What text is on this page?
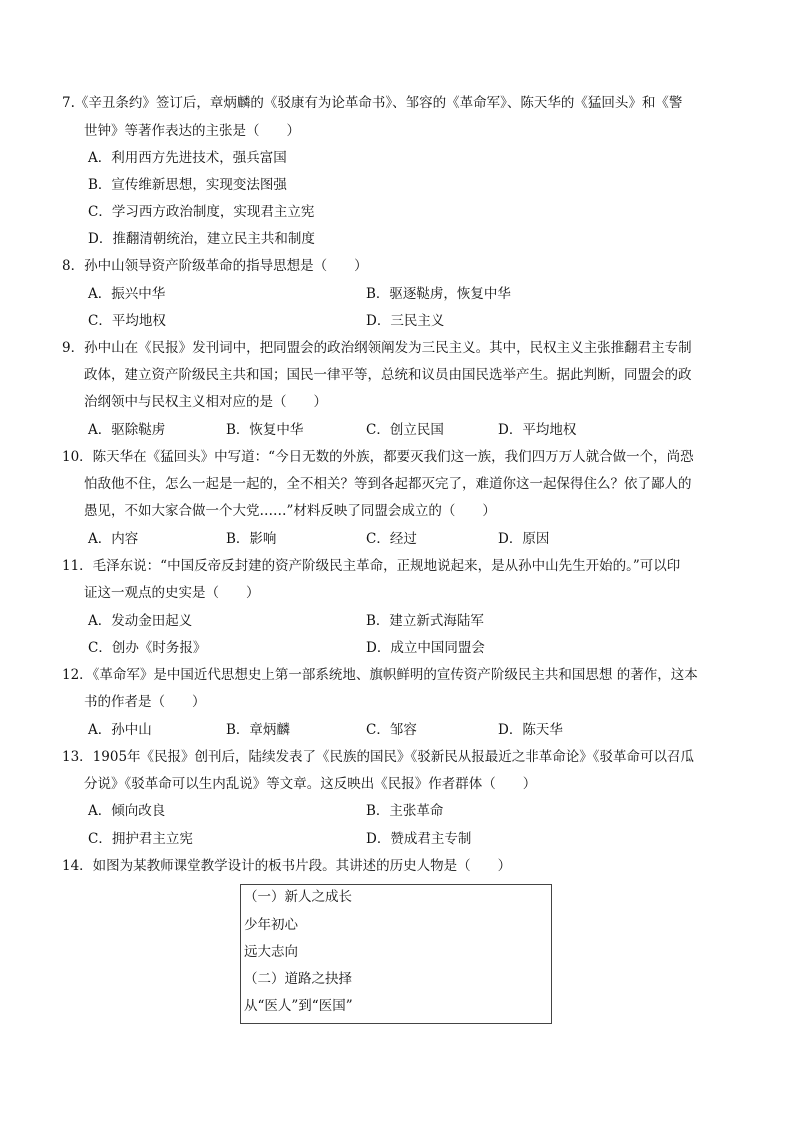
7.《辛丑条约》签订后，章炳麟的《驳康有为论革命书》、邹容的《革命军》、陈天华的《猛回头》和《警
世钟》等著作表达的主张是（　　）
A．利用西方先进技术，强兵富国
B．宣传维新思想，实现变法图强
C．学习西方政治制度，实现君主立宪
D．推翻清朝统治，建立民主共和制度
8．孙中山领导资产阶级革命的指导思想是（　　）
A．振兴中华	B．驱逐鞑虏，恢复中华
C．平均地权	D．三民主义
9．孙中山在《民报》发刊词中，把同盟会的政治纲领阐发为三民主义。其中，民权主义主张推翻君主专制
政体，建立资产阶级民主共和国；国民一律平等，总统和议员由国民选举产生。据此判断，同盟会的政
治纲领中与民权主义相对应的是（　　）
A．驱除鞑虏	B．恢复中华	C．创立民国	D．平均地权
10．陈天华在《猛回头》中写道：“今日无数的外族，都要灭我们这一族，我们四万万人就合做一个，尚恐
怕敌他不住，怎么一起是一起的，全不相关？等到各起都灭完了，难道你这一起保得住么？依了鄙人的
愚见，不如大家合做一个大党……”材料反映了同盟会成立的（　　）
A．内容	B．影响	C．经过	D．原因
11．毛泽东说：“中国反帝反封建的资产阶级民主革命，正规地说起来，是从孙中山先生开始的。”可以印
证这一观点的史实是（　　）
A．发动金田起义	B．建立新式海陆军
C．创办《时务报》	D．成立中国同盟会
12．《革命军》是中国近代思想史上第一部系统地、旗帜鲜明的宣传资产阶级民主共和国思想 的著作，这本
书的作者是（　　）
A．孙中山	B．章炳麟	C．邹容	D．陈天华
13．1905年《民报》创刊后，陆续发表了《民族的国民》《驳新民从报最近之非革命论》《驳革命可以召瓜
分说》《驳革命可以生内乱说》等文章。这反映出《民报》作者群体（　　）
A．倾向改良	B．主张革命
C．拥护君主立宪	D．赞成君主专制
14．如图为某教师课堂教学设计的板书片段。其讲述的历史人物是（　　）
（一）新人之成长
少年初心
远大志向
（二）道路之抉择
从“医人”到“医国”
